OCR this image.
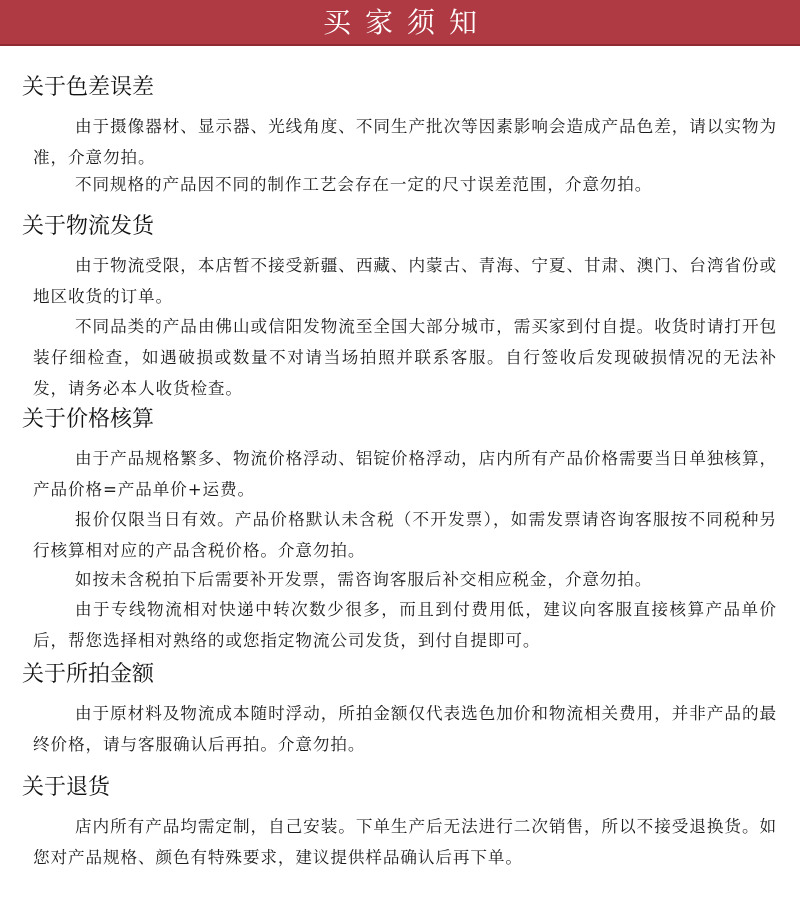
买家须知
关于色差误差

由于摄像器材、显示器、光线角度、不同生产批次等因素影响会造成产品色差，请以实物为准，介意勿拍。

不同规格的产品因不同的制作工艺会存在一定的尺寸误差范围，介意勿拍。

关于物流发货

由于物流受限，本店暂不接受新疆、西藏、内蒙古、青海、宁夏、甘肃、澳门、台湾省份或地区收货的订单。

不同品类的产品由佛山或信阳发物流至全国大部分城市，需买家到付自提。收货时请打开包装仔细检查，如遇破损或数量不对请当场拍照并联系客服。自行签收后发现破损情况的无法补发，请务必本人收货检查。

关于价格核算

由于产品规格繁多、物流价格浮动、铝锭价格浮动，店内所有产品价格需要当日单独核算，产品价格=产品单价+运费。

报价仅限当日有效。产品价格默认未含税（不开发票），如需发票请咨询客服按不同税种另行核算相对应的产品含税价格。介意勿拍。

如按未含税拍下后需要补开发票，需咨询客服后补交相应税金，介意勿拍。

由于专线物流相对快递中转次数少很多，而且到付费用低，建议向客服直接核算产品单价后，帮您选择相对熟络的或您指定物流公司发货，到付自提即可。

关于所拍金额

由于原材料及物流成本随时浮动，所拍金额仅代表选色加价和物流相关费用，并非产品的最终价格，请与客服确认后再拍。介意勿拍。

关于退货

店内所有产品均需定制，自己安装。下单生产后无法进行二次销售，所以不接受退换货。如您对产品规格、颜色有特殊要求，建议提供样品确认后再下单。
